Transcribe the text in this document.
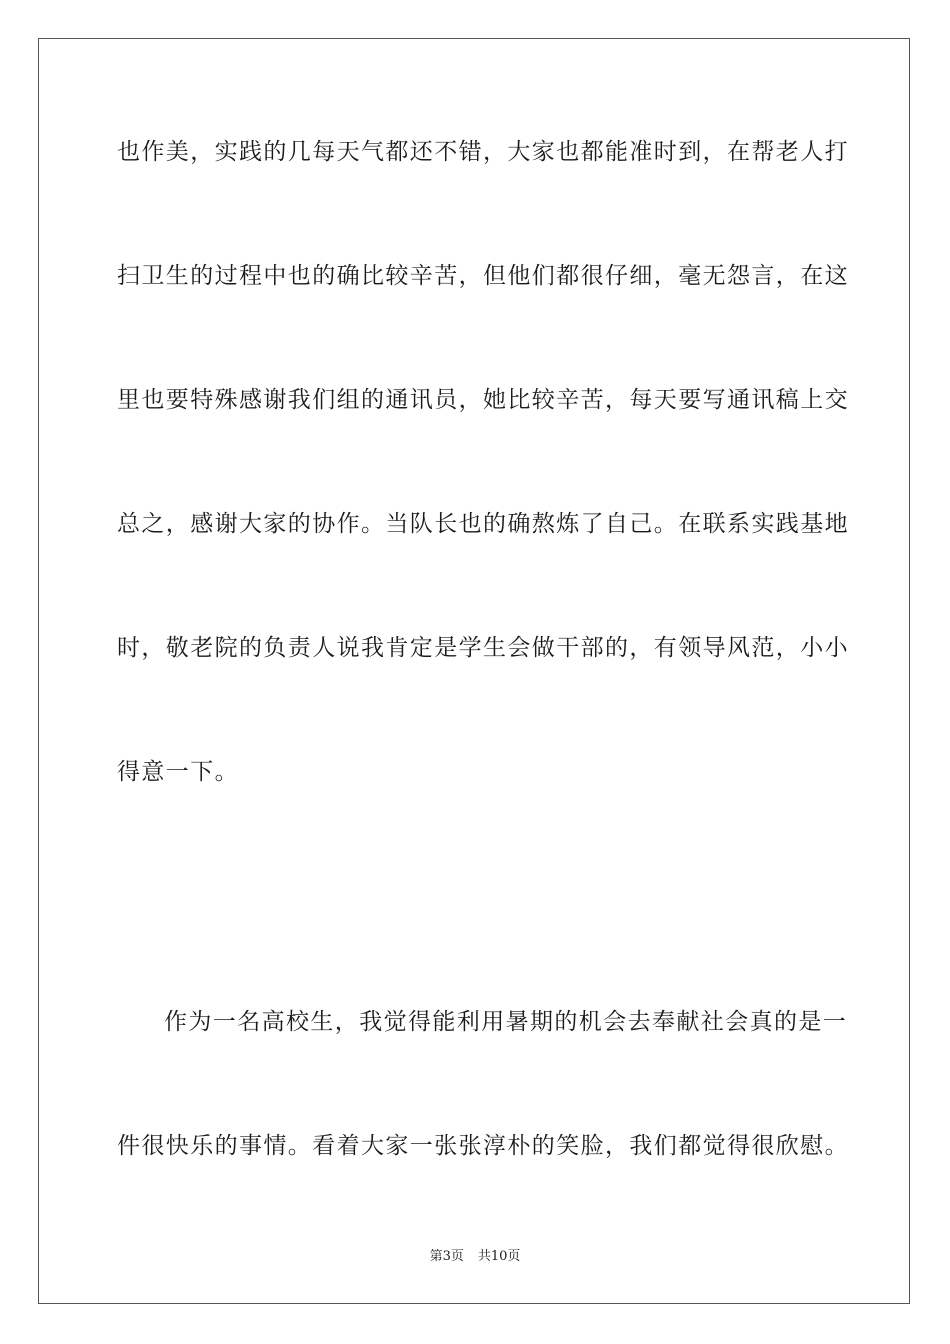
也作美，实践的几每天气都还不错，大家也都能准时到，在帮老人打
扫卫生的过程中也的确比较辛苦，但他们都很仔细，毫无怨言，在这
里也要特殊感谢我们组的通讯员，她比较辛苦，每天要写通讯稿上交
总之，感谢大家的协作。当队长也的确熬炼了自己。在联系实践基地
时，敬老院的负责人说我肯定是学生会做干部的，有领导风范，小小
得意一下。
作为一名高校生，我觉得能利用暑期的机会去奉献社会真的是一
件很快乐的事情。看着大家一张张淳朴的笑脸，我们都觉得很欣慰。
第3页 共10页
